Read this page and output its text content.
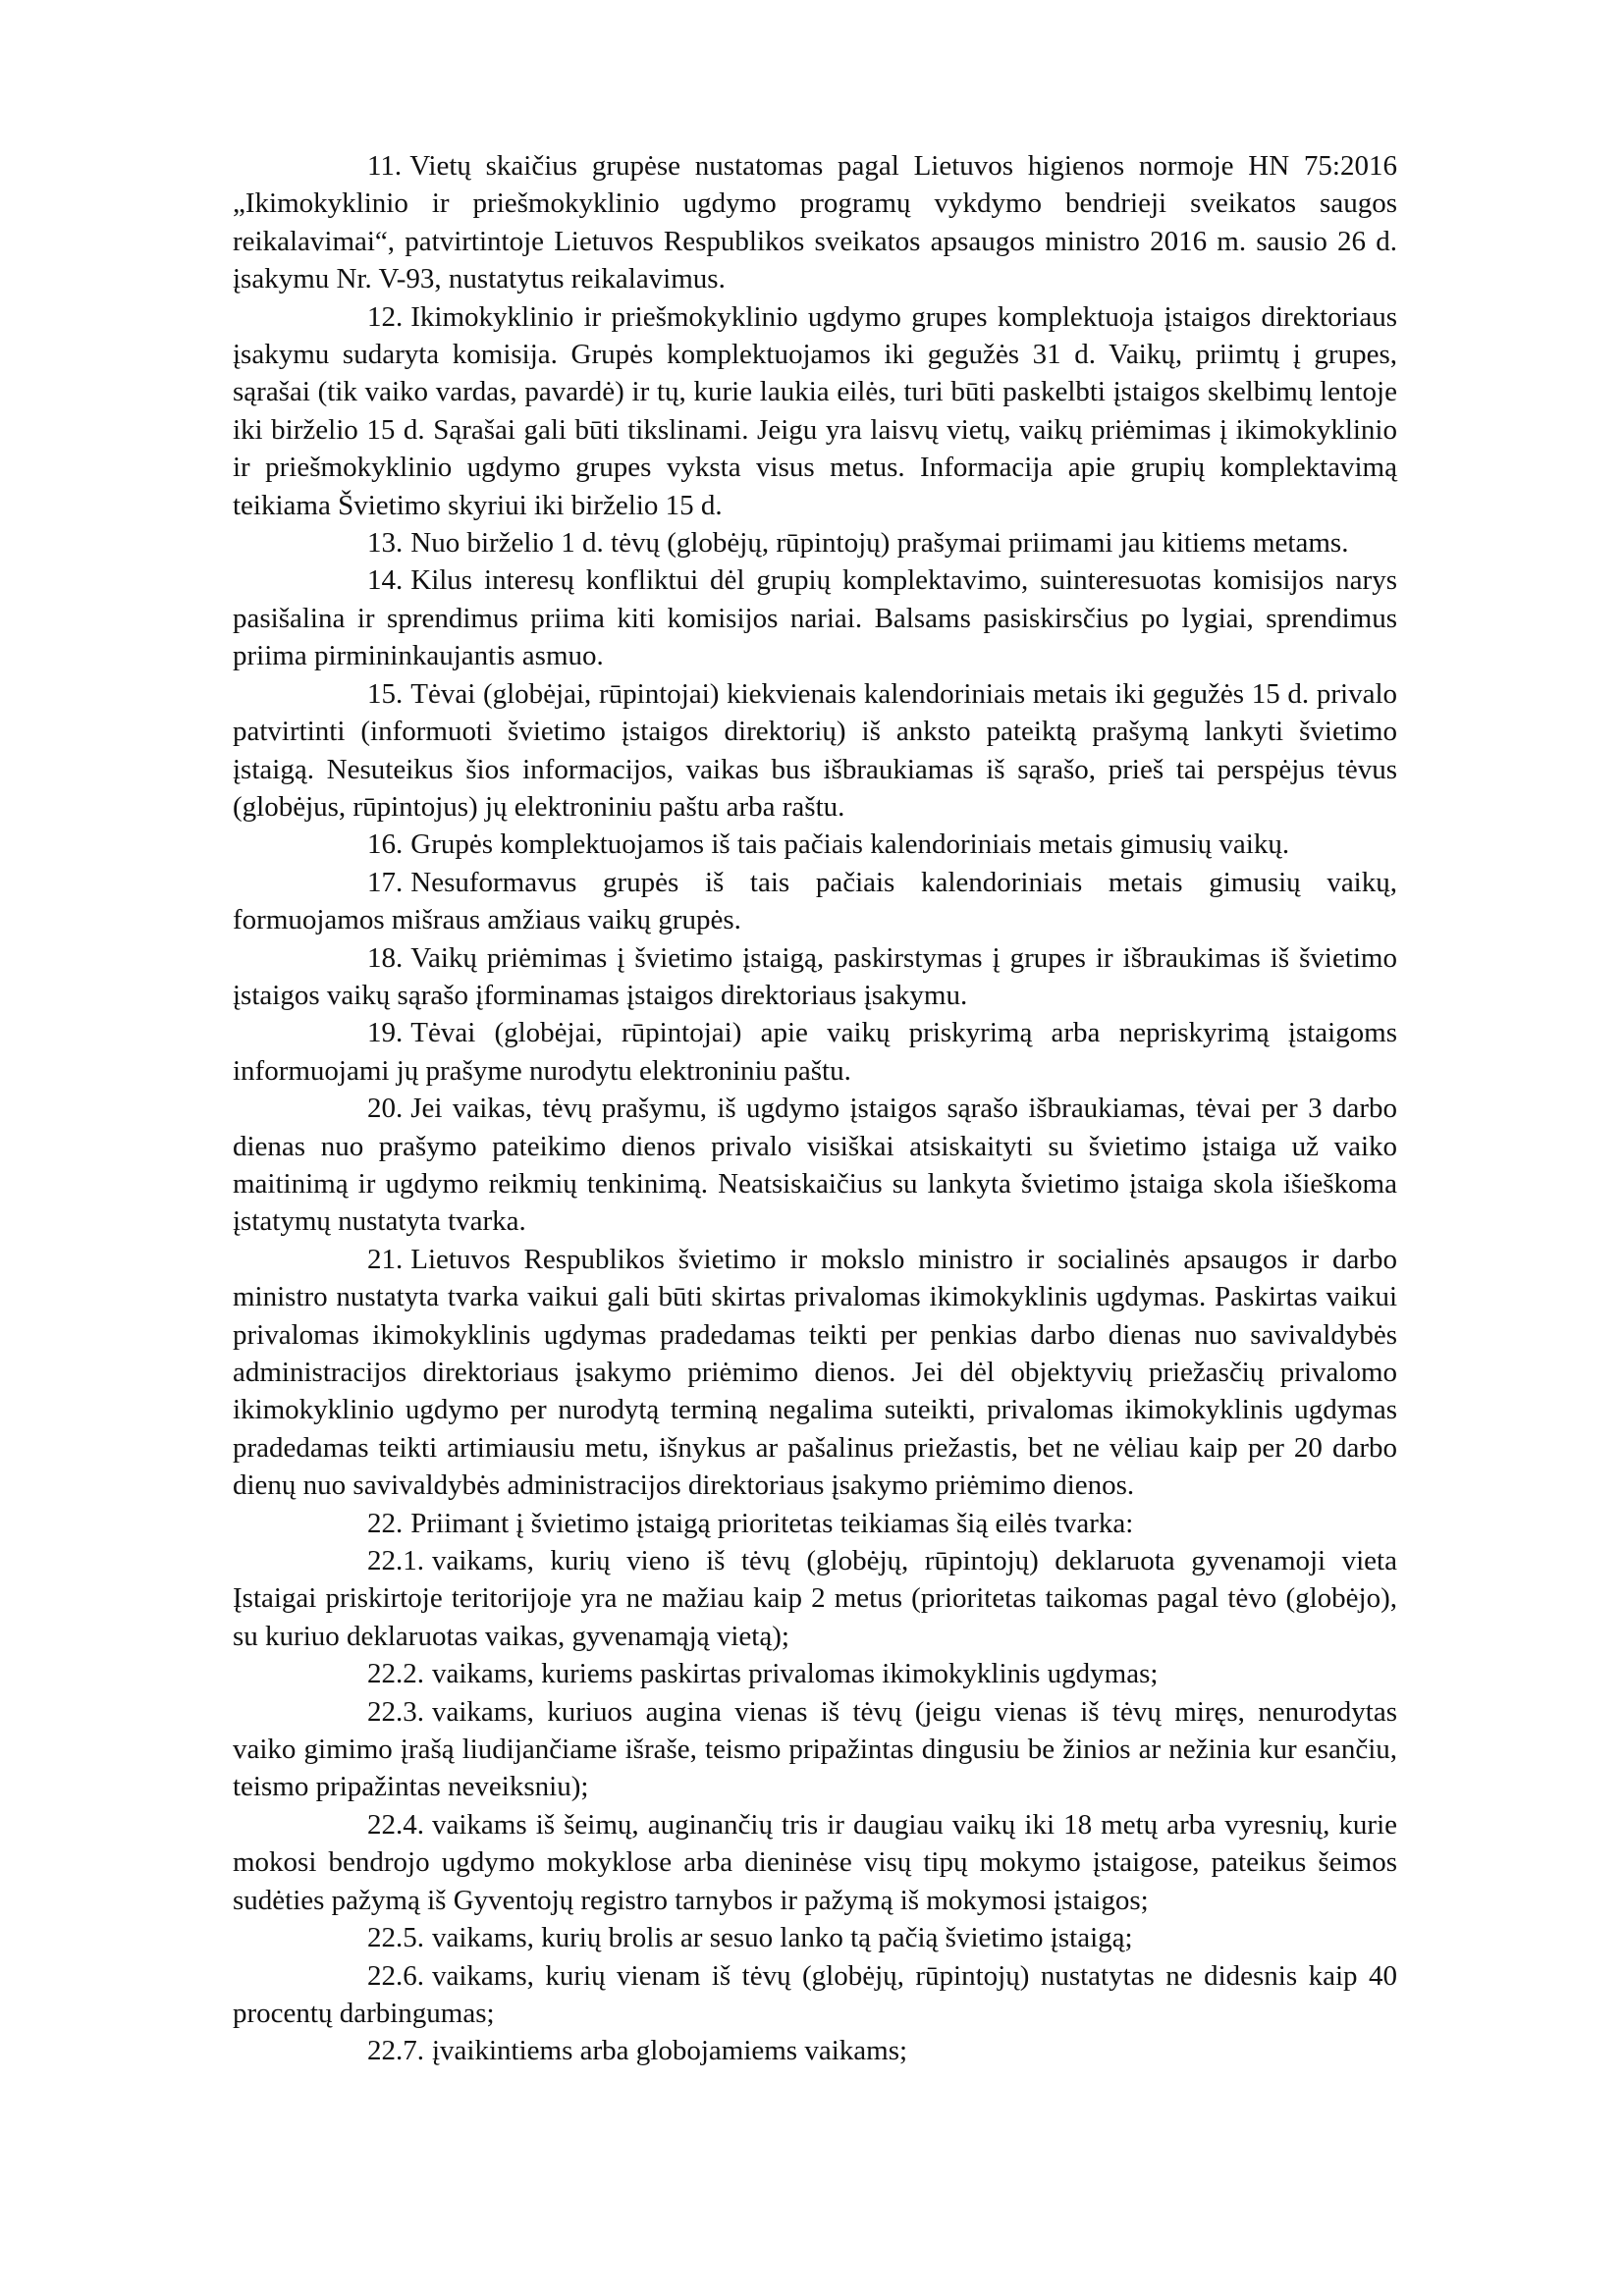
11. Vietų skaičius grupėse nustatomas pagal Lietuvos higienos normoje HN 75:2016 „Ikimokyklinio ir priešmokyklinio ugdymo programų vykdymo bendrieji sveikatos saugos reikalavimai“, patvirtintoje Lietuvos Respublikos sveikatos apsaugos ministro 2016 m. sausio 26 d. įsakymu Nr. V-93, nustatytus reikalavimus.

12. Ikimokyklinio ir priešmokyklinio ugdymo grupes komplektuoja įstaigos direktoriaus įsakymu sudaryta komisija. Grupės komplektuojamos iki gegužės 31 d. Vaikų, priimtų į grupes, sąrašai (tik vaiko vardas, pavardė) ir tų, kurie laukia eilės, turi būti paskelbti įstaigos skelbimų lentoje iki birželio 15 d. Sąrašai gali būti tikslinami. Jeigu yra laisvų vietų, vaikų priėmimas į ikimokyklinio ir priešmokyklinio ugdymo grupes vyksta visus metus. Informacija apie grupių komplektavimą teikiama Švietimo skyriui iki birželio 15 d.

13. Nuo birželio 1 d. tėvų (globėjų, rūpintojų) prašymai priimami jau kitiems metams.

14. Kilus interesų konfliktui dėl grupių komplektavimo, suinteresuotas komisijos narys pasišalina ir sprendimus priima kiti komisijos nariai. Balsams pasiskirsčius po lygiai, sprendimus priima pirmininkaujantis asmuo.

15. Tėvai (globėjai, rūpintojai) kiekvienais kalendoriniais metais iki gegužės 15 d. privalo patvirtinti (informuoti švietimo įstaigos direktorių) iš anksto pateiktą prašymą lankyti švietimo įstaigą. Nesuteikus šios informacijos, vaikas bus išbraukiamas iš sąrašo, prieš tai perspėjus tėvus (globėjus, rūpintojus) jų elektroniniu paštu arba raštu.

16. Grupės komplektuojamos iš tais pačiais kalendoriniais metais gimusių vaikų.

17. Nesuformavus grupės iš tais pačiais kalendoriniais metais gimusių vaikų, formuojamos mišraus amžiaus vaikų grupės.

18. Vaikų priėmimas į švietimo įstaigą, paskirstymas į grupes ir išbraukimas iš švietimo įstaigos vaikų sąrašo įforminamas įstaigos direktoriaus įsakymu.

19. Tėvai (globėjai, rūpintojai) apie vaikų priskyrimą arba nepriskyrimą įstaigoms informuojami jų prašyme nurodytu elektroniniu paštu.

20. Jei vaikas, tėvų prašymu, iš ugdymo įstaigos sąrašo išbraukiamas, tėvai per 3 darbo dienas nuo prašymo pateikimo dienos privalo visiškai atsiskaityti su švietimo įstaiga už vaiko maitinimą ir ugdymo reikmių tenkinimą. Neatsiskaičius su lankyta švietimo įstaiga skola išieškoma įstatymų nustatyta tvarka.

21. Lietuvos Respublikos švietimo ir mokslo ministro ir socialinės apsaugos ir darbo ministro nustatyta tvarka vaikui gali būti skirtas privalomas ikimokyklinis ugdymas. Paskirtas vaikui privalomas ikimokyklinis ugdymas pradedamas teikti per penkias darbo dienas nuo savivaldybės administracijos direktoriaus įsakymo priėmimo dienos. Jei dėl objektyvių priežasčių privalomo ikimokyklinio ugdymo per nurodytą terminą negalima suteikti, privalomas ikimokyklinis ugdymas pradedamas teikti artimiausiu metu, išnykus ar pašalinus priežastis, bet ne vėliau kaip per 20 darbo dienų nuo savivaldybės administracijos direktoriaus įsakymo priėmimo dienos.

22. Priimant į švietimo įstaigą prioritetas teikiamas šią eilės tvarka:

22.1. vaikams, kurių vieno iš tėvų (globėjų, rūpintojų) deklaruota gyvenamoji vieta Įstaigai priskirtoje teritorijoje yra ne mažiau kaip 2 metus (prioritetas taikomas pagal tėvo (globėjo), su kuriuo deklaruotas vaikas, gyvenamąją vietą);

22.2. vaikams, kuriems paskirtas privalomas ikimokyklinis ugdymas;

22.3. vaikams, kuriuos augina vienas iš tėvų (jeigu vienas iš tėvų miręs, nenurodytas vaiko gimimo įrašą liudijančiame išraše, teismo pripažintas dingusiu be žinios ar nežinia kur esančiu, teismo pripažintas neveiksniu);

22.4. vaikams iš šeimų, auginančių tris ir daugiau vaikų iki 18 metų arba vyresnių, kurie mokosi bendrojo ugdymo mokyklose arba dieninėse visų tipų mokymo įstaigose, pateikus šeimos sudėties pažymą iš Gyventojų registro tarnybos ir pažymą iš mokymosi įstaigos;

22.5. vaikams, kurių brolis ar sesuo lanko tą pačią švietimo įstaigą;

22.6. vaikams, kurių vienam iš tėvų (globėjų, rūpintojų) nustatytas ne didesnis kaip 40 procentų darbingumas;

22.7. įvaikintiems arba globojamiems vaikams;
